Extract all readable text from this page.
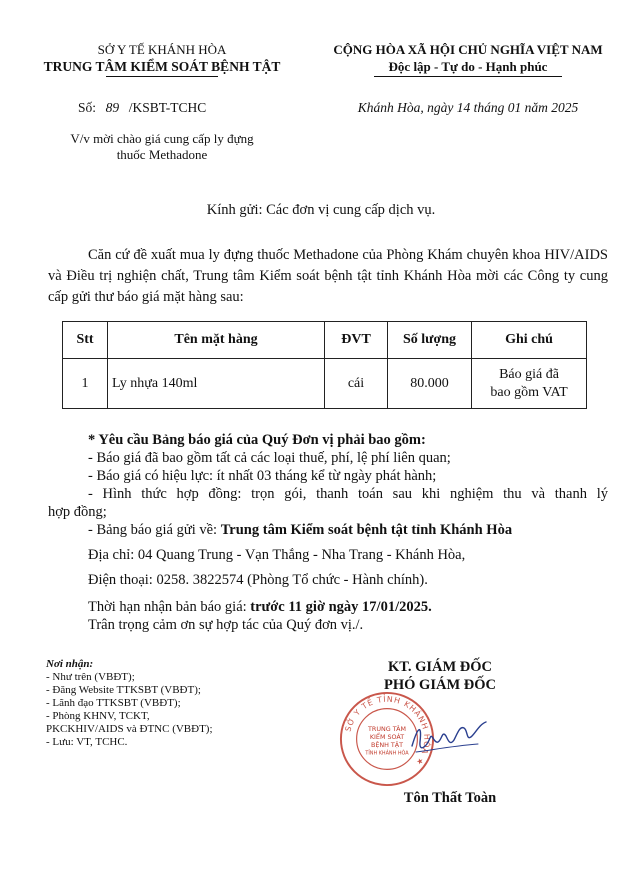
SỞ Y TẾ KHÁNH HÒA
TRUNG TÂM KIỂM SOÁT BỆNH TẬT
Số: 89 /KSBT-TCHC
V/v mời chào giá cung cấp ly đựng
thuốc Methadone
CỘNG HÒA XÃ HỘI CHỦ NGHĨA VIỆT NAM
Độc lập - Tự do - Hạnh phúc
Khánh Hòa, ngày 14 tháng 01 năm 2025
Kính gửi: Các đơn vị cung cấp dịch vụ.
Căn cứ đề xuất mua ly đựng thuốc Methadone của Phòng Khám chuyên khoa HIV/AIDS và Điều trị nghiện chất, Trung tâm Kiểm soát bệnh tật tỉnh Khánh Hòa mời các Công ty cung cấp gửi thư báo giá mặt hàng sau:
Stt	Tên mặt hàng	ĐVT	Số lượng	Ghi chú
1	Ly nhựa 140ml	cái	80.000	Báo giá đã
bao gồm VAT
* Yêu cầu Bảng báo giá của Quý Đơn vị phải bao gồm:
- Báo giá đã bao gồm tất cả các loại thuế, phí, lệ phí liên quan;
- Báo giá có hiệu lực: ít nhất 03 tháng kể từ ngày phát hành;
- Hình thức hợp đồng: trọn gói, thanh toán sau khi nghiệm thu và thanh lý
hợp đồng;
- Bảng báo giá gửi về: Trung tâm Kiểm soát bệnh tật tỉnh Khánh Hòa
Địa chỉ: 04 Quang Trung - Vạn Thắng - Nha Trang - Khánh Hòa,
Điện thoại: 0258. 3822574 (Phòng Tổ chức - Hành chính).
Thời hạn nhận bản báo giá: trước 11 giờ ngày 17/01/2025.
Trân trọng cảm ơn sự hợp tác của Quý đơn vị./.
Nơi nhận:
- Như trên (VBĐT);
- Đăng Website TTKSBT (VBĐT);
- Lãnh đạo TTKSBT (VBĐT);
- Phòng KHNV, TCKT,
PKCKHIV/AIDS và ĐTNC (VBĐT);
- Lưu: VT, TCHC.
KT. GIÁM ĐỐC
PHÓ GIÁM ĐỐC
SỞ Y TẾ TỈNH KHÁNH HÒA ★
TRUNG TÂM
KIỂM SOÁT
BỆNH TẬT
TỈNH KHÁNH HÒA
Tôn Thất Toàn
